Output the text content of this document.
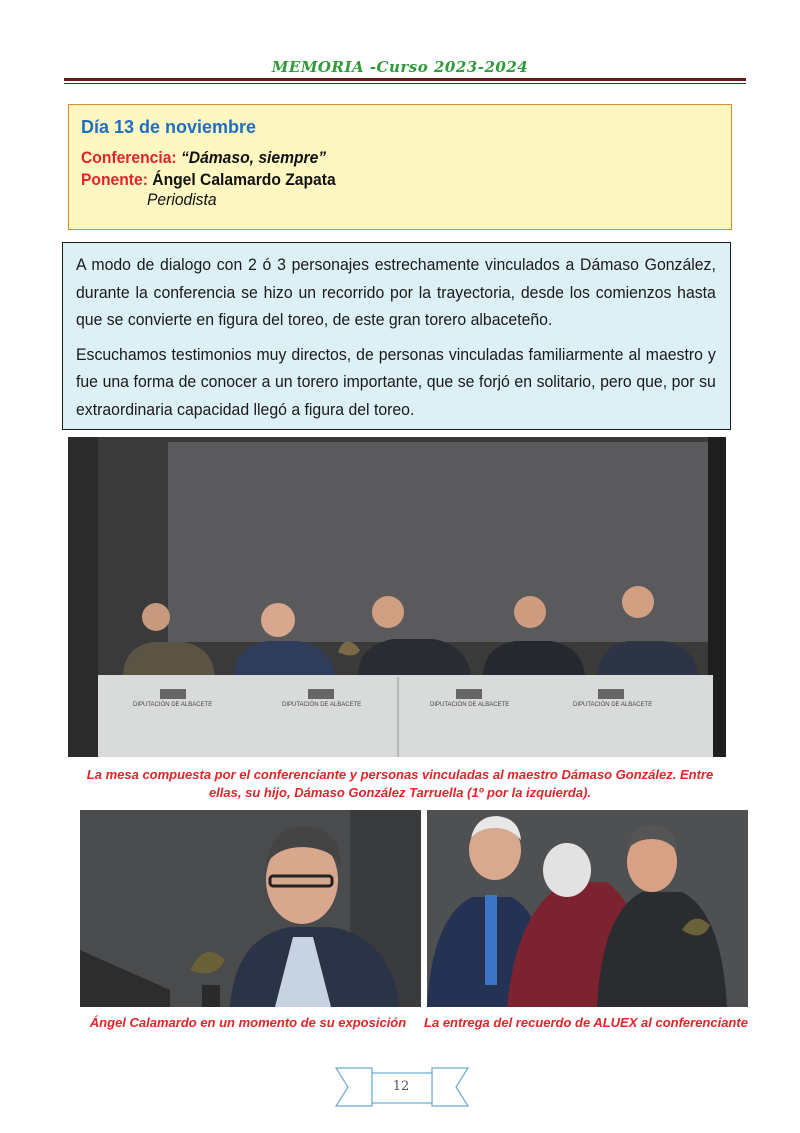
MEMORIA -Curso 2023-2024
Día 13 de noviembre
Conferencia: “Dámaso, siempre”
Ponente: Ángel Calamardo Zapata
Periodista

A modo de dialogo con 2 ó 3 personajes estrechamente vinculados a Dámaso González, durante la conferencia se hizo un recorrido por la trayectoria, desde los comienzos hasta que se convierte en figura del toreo, de este gran torero albaceteño.

Escuchamos testimonios muy directos, de personas vinculadas familiarmente al maestro y fue una forma de conocer a un torero importante, que se forjó en solitario, pero que, por su extraordinaria capacidad llegó a figura del toreo.

DIPUTACIÓN DE ALBACETE	DIPUTACIÓN DE ALBACETE	DIPUTACIÓN DE ALBACETE	DIPUTACIÓN DE ALBACETE
La mesa compuesta por el conferenciante y personas vinculadas al maestro Dámaso González. Entre
ellas, su hijo, Dámaso González Tarruella (1º por la izquierda).
Ángel Calamardo en un momento de su exposición	La entrega del recuerdo de ALUEX al conferenciante
12
